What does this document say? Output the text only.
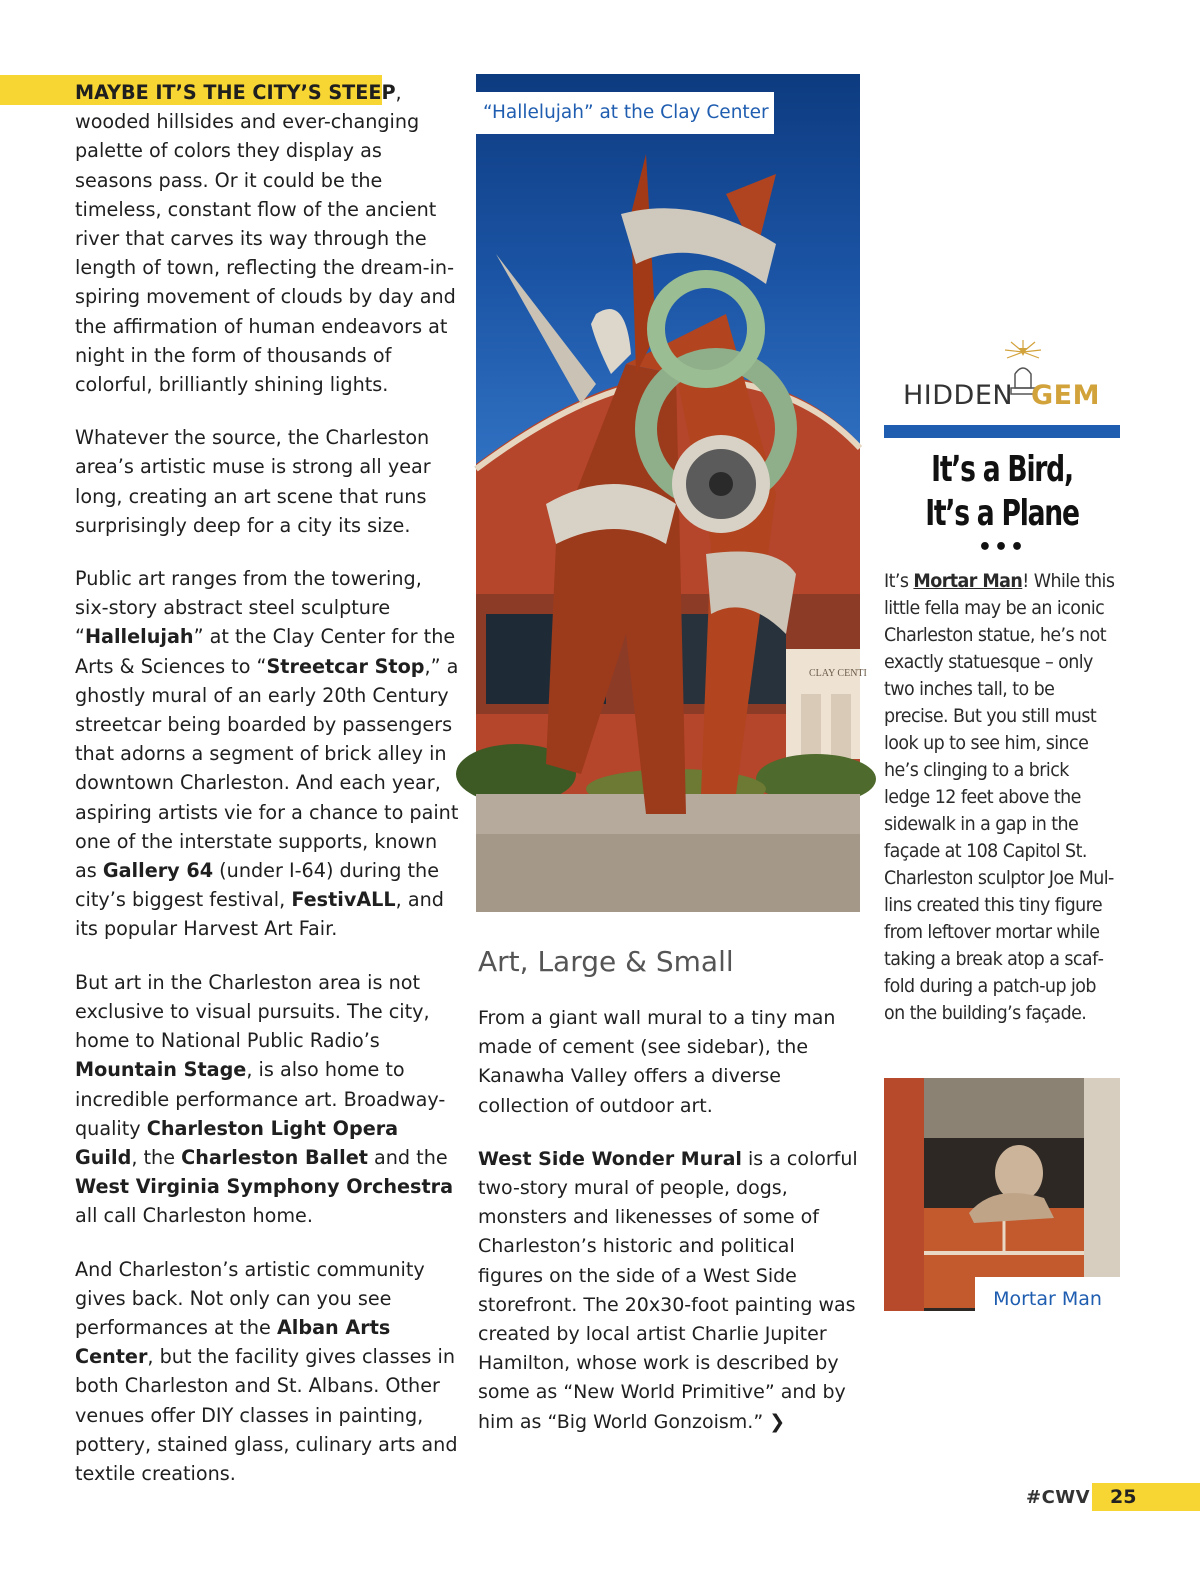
MAYBE IT’S THE CITY’S STEEP, wooded hillsides and ever-changing palette of colors they display as seasons pass. Or it could be the timeless, constant flow of the ancient river that carves its way through the length of town, reflecting the dream-inspiring movement of clouds by day and the affirmation of human endeavors at night in the form of thousands of colorful, brilliantly shining lights.

Whatever the source, the Charleston area’s artistic muse is strong all year long, creating an art scene that runs surprisingly deep for a city its size.

Public art ranges from the towering, six-story abstract steel sculpture “Hallelujah” at the Clay Center for the Arts & Sciences to “Streetcar Stop,” a ghostly mural of an early 20th Century streetcar being boarded by passengers that adorns a segment of brick alley in downtown Charleston. And each year, aspiring artists vie for a chance to paint one of the interstate supports, known as Gallery 64 (under I-64) during the city’s biggest festival, FestivALL, and its popular Harvest Art Fair.

But art in the Charleston area is not exclusive to visual pursuits. The city, home to National Public Radio’s Mountain Stage, is also home to incredible performance art. Broadway-quality Charleston Light Opera Guild, the Charleston Ballet and the West Virginia Symphony Orchestra all call Charleston home.

And Charleston’s artistic community gives back. Not only can you see performances at the Alban Arts Center, but the facility gives classes in both Charleston and St. Albans. Other venues offer DIY classes in painting, pottery, stained glass, culinary arts and textile creations.

CLAY CENTI
“Hallelujah” at the Clay Center
Art, Large & Small

From a giant wall mural to a tiny man made of cement (see sidebar), the Kanawha Valley offers a diverse collection of outdoor art.

West Side Wonder Mural is a colorful two-story mural of people, dogs, monsters and likenesses of some of Charleston’s historic and political figures on the side of a West Side storefront. The 20x30-foot painting was created by local artist Charlie Jupiter Hamilton, whose work is described by some as “New World Primitive” and by him as “Big World Gonzoism.” ❯

HIDDEN GEM
It’s a Bird,
It’s a Plane
•••
It’s Mortar Man! While this little fella may be an iconic Charleston statue, he’s not exactly statuesque – only two inches tall, to be precise. But you still must look up to see him, since he’s clinging to a brick ledge 12 feet above the sidewalk in a gap in the façade at 108 Capitol St. Charleston sculptor Joe Mullins created this tiny figure from leftover mortar while taking a break atop a scaffold during a patch-up job on the building’s façade.
Mortar Man
#CWV	25
